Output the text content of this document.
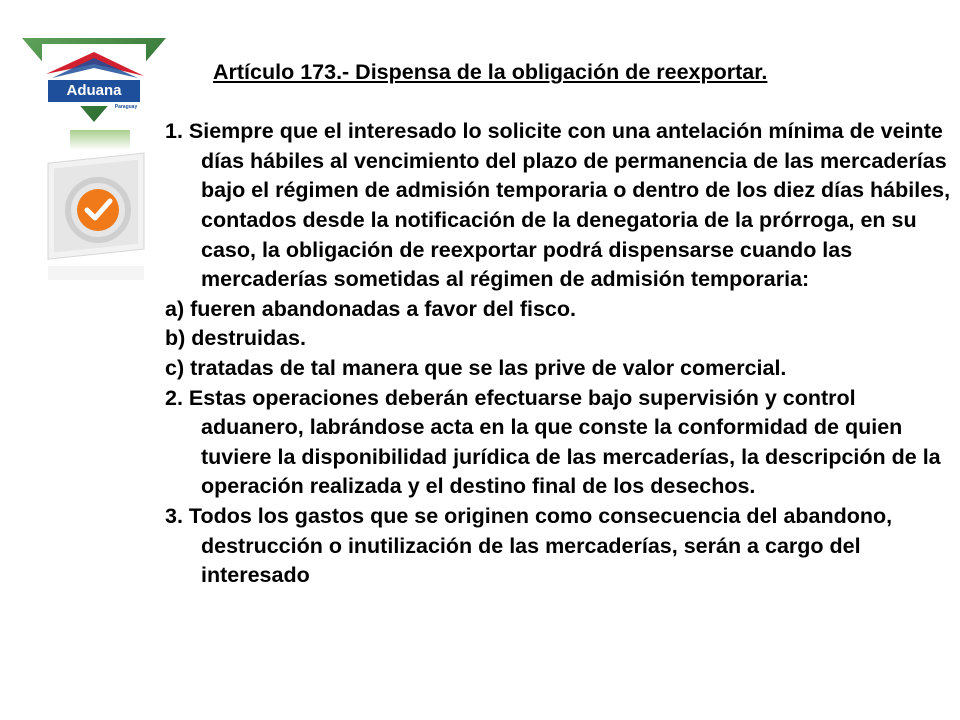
Aduana
Paraguay

Artículo 173.- Dispensa de la obligación de reexportar.

1. Siempre que el interesado lo solicite con una antelación mínima de veinte días hábiles al vencimiento del plazo de permanencia de las mercaderías bajo el régimen de admisión temporaria o dentro de los diez días hábiles, contados desde la notificación de la denegatoria de la prórroga, en su caso, la obligación de reexportar podrá dispensarse cuando las mercaderías sometidas al régimen de admisión temporaria:

a) fueren abandonadas a favor del fisco.

b) destruidas.

c) tratadas de tal manera que se las prive de valor comercial.

2. Estas operaciones deberán efectuarse bajo supervisión y control aduanero, labrándose acta en la que conste la conformidad de quien tuviere la disponibilidad jurídica de las mercaderías, la descripción de la operación realizada y el destino final de los desechos.

3. Todos los gastos que se originen como consecuencia del abandono, destrucción o inutilización de las mercaderías, serán a cargo del interesado
